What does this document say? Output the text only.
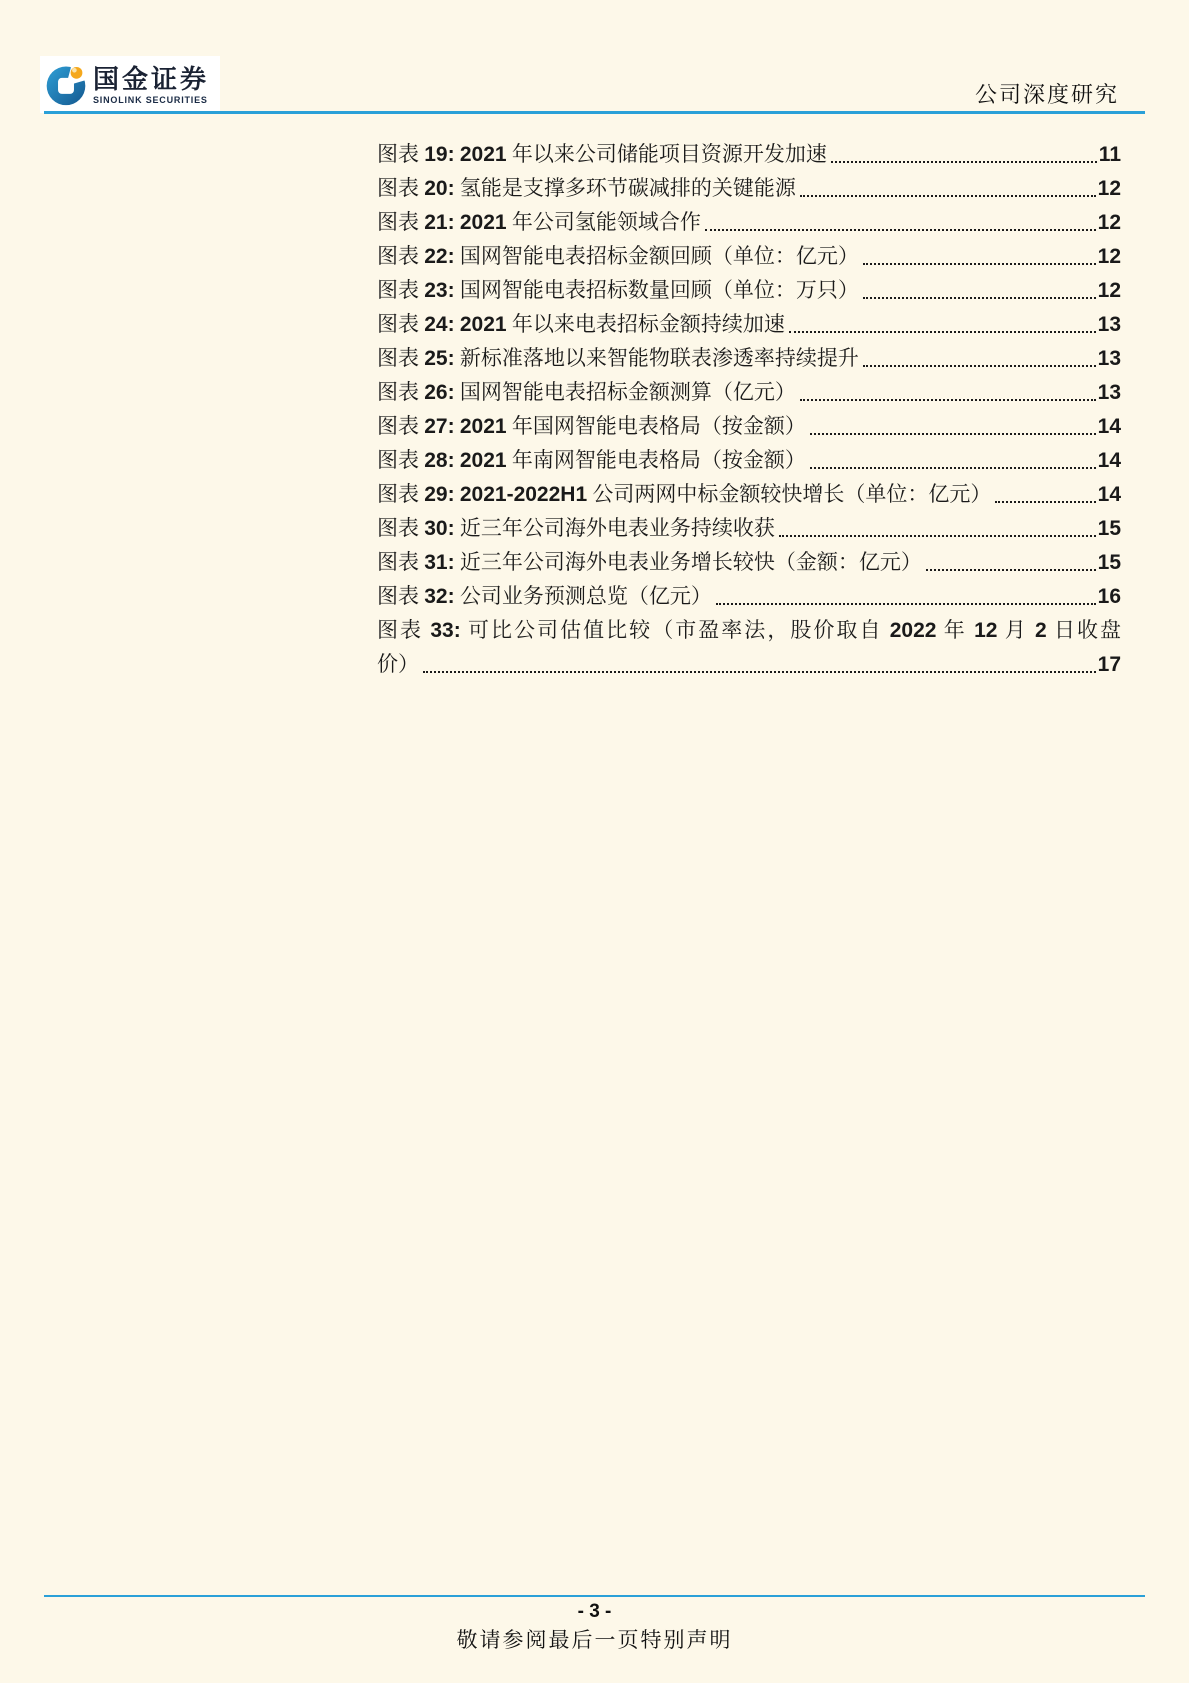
国金证券
SINOLINK SECURITIES	公司深度研究
图表 19: 2021 年以来公司储能项目资源开发加速	11
图表 20: 氢能是支撑多环节碳减排的关键能源	12
图表 21: 2021 年公司氢能领域合作	12
图表 22: 国网智能电表招标金额回顾（单位：亿元）	12
图表 23: 国网智能电表招标数量回顾（单位：万只）	12
图表 24: 2021 年以来电表招标金额持续加速	13
图表 25: 新标准落地以来智能物联表渗透率持续提升	13
图表 26: 国网智能电表招标金额测算（亿元）	13
图表 27: 2021 年国网智能电表格局（按金额）	14
图表 28: 2021 年南网智能电表格局（按金额）	14
图表 29: 2021-2022H1 公司两网中标金额较快增长（单位：亿元）	14
图表 30: 近三年公司海外电表业务持续收获	15
图表 31: 近三年公司海外电表业务增长较快（金额：亿元）	15
图表 32: 公司业务预测总览（亿元）	16
图表 33: 可比公司估值比较（市盈率法，股价取自 2022 年 12 月 2 日收盘
价）	17
- 3 -
敬请参阅最后一页特别声明
